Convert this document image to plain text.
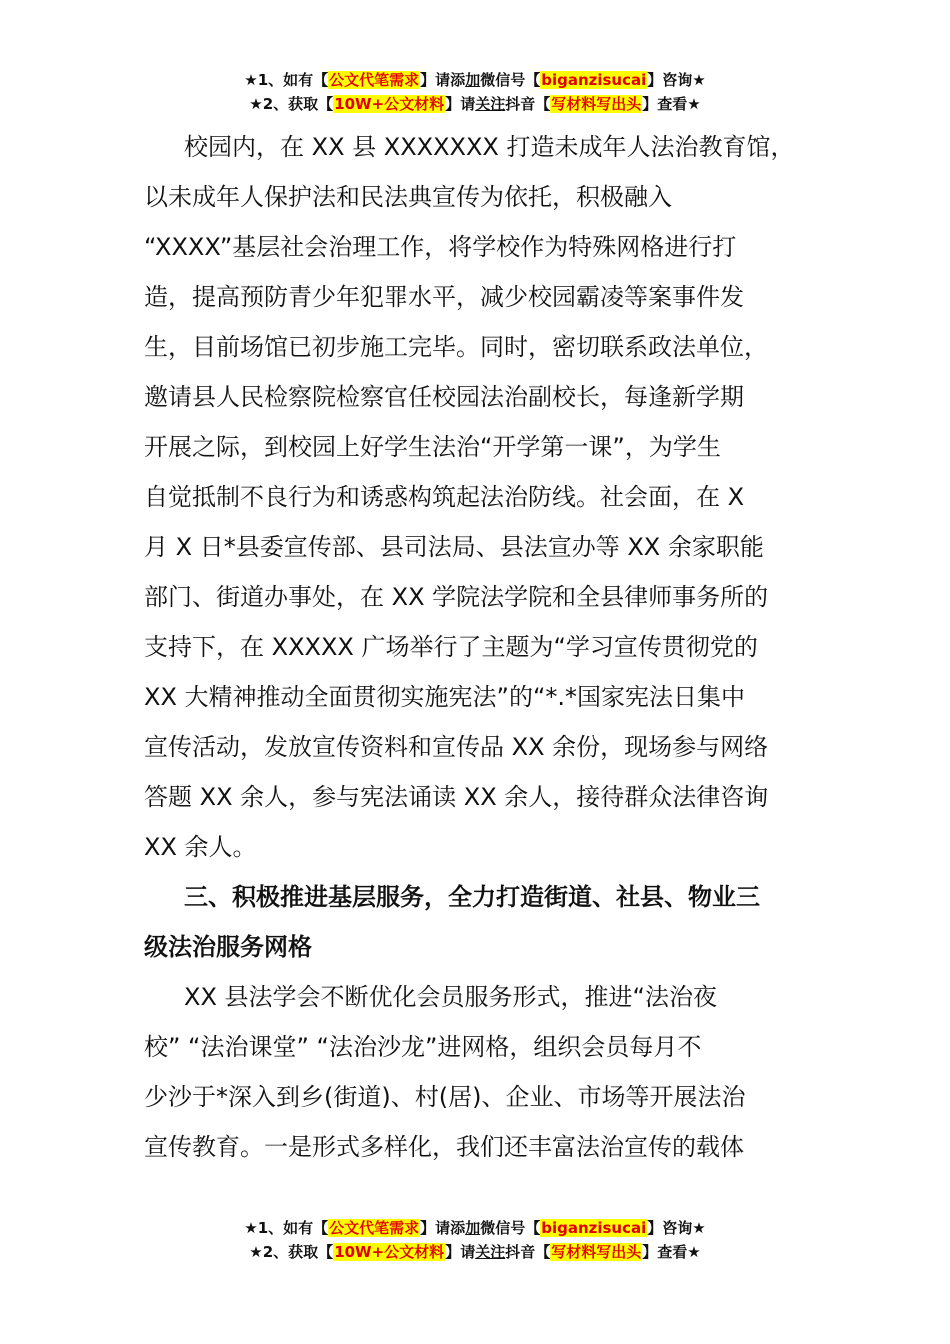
★1、如有【公文代笔需求】请添加微信号【biganzisucai】咨询★
★2、获取【10W+公文材料】请关注抖音【写材料写出头】查看★

校园内，在 XX 县 XXXXXXX 打造未成年人法治教育馆，
以未成年人保护法和民法典宣传为依托，积极融入
“XXXX”基层社会治理工作，将学校作为特殊网格进行打
造，提高预防青少年犯罪水平，减少校园霸凌等案事件发
生，目前场馆已初步施工完毕。同时，密切联系政法单位，
邀请县人民检察院检察官任校园法治副校长，每逢新学期
开展之际，到校园上好学生法治“开学第一课”，为学生
自觉抵制不良行为和诱惑构筑起法治防线。社会面，在 X
月 X 日*县委宣传部、县司法局、县法宣办等 XX 余家职能
部门、街道办事处，在 XX 学院法学院和全县律师事务所的
支持下，在 XXXXX 广场举行了主题为“学习宣传贯彻党的
XX 大精神推动全面贯彻实施宪法”的“*.*国家宪法日集中
宣传活动，发放宣传资料和宣传品 XX 余份，现场参与网络
答题 XX 余人，参与宪法诵读 XX 余人，接待群众法律咨询
XX 余人。

三、积极推进基层服务，全力打造街道、社县、物业三
级法治服务网格

XX 县法学会不断优化会员服务形式，推进“法治夜
校” “法治课堂” “法治沙龙”进网格，组织会员每月不
少沙于*深入到乡(街道)、村(居)、企业、市场等开展法治
宣传教育。一是形式多样化，我们还丰富法治宣传的载体

★1、如有【公文代笔需求】请添加微信号【biganzisucai】咨询★
★2、获取【10W+公文材料】请关注抖音【写材料写出头】查看★
